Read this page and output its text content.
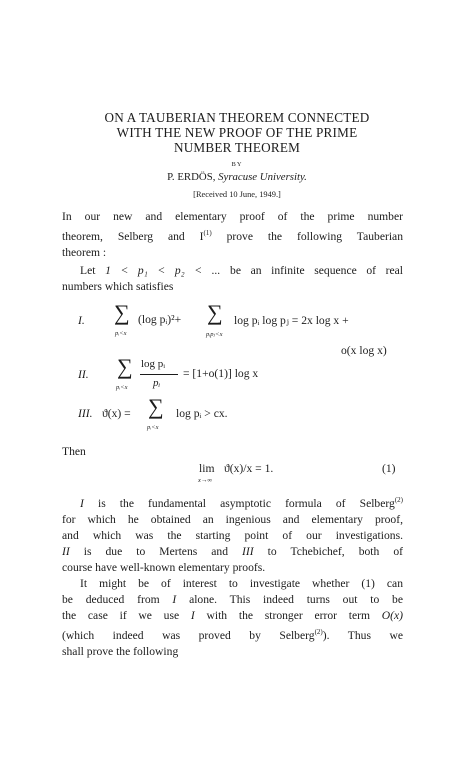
ON A TAUBERIAN THEOREM CONNECTED
WITH THE NEW PROOF OF THE PRIME
NUMBER THEOREM
BY
P. ERDÖS, Syracuse University.
[Received 10 June, 1949.]
In our new and elementary proof of the prime number
theorem, Selberg and $I^{(1)}$ prove the following Tauberian
theorem :
Let 1 < p₁ < p₂ < ... be an infinite sequence of real
numbers which satisfies
I. ∑
pᵢ<x
(log pᵢ)²+ ∑
pᵢpⱼ<x
log pᵢ log pⱼ = 2x log x +
o(x log x)
II. ∑
pᵢ<x
log pᵢ
pᵢ
= [1+o(1)] log x
III. ϑ(x) = ∑
pᵢ<x
log pᵢ > cx.
Then
lim
x→∞
ϑ(x)/x = 1.	(1)
I is the fundamental asymptotic formula of Selberg$^{(2)}$
for which he obtained an ingenious and elementary proof,
and which was the starting point of our investigations.
II is due to Mertens and III to Tchebichef, both of
course have well-known elementary proofs.
It might be of interest to investigate whether (1) can
be deduced from I alone. This indeed turns out to be
the case if we use I with the stronger error term O(x)
(which indeed was proved by Selberg$^{(2)}$). Thus we
shall prove the following
